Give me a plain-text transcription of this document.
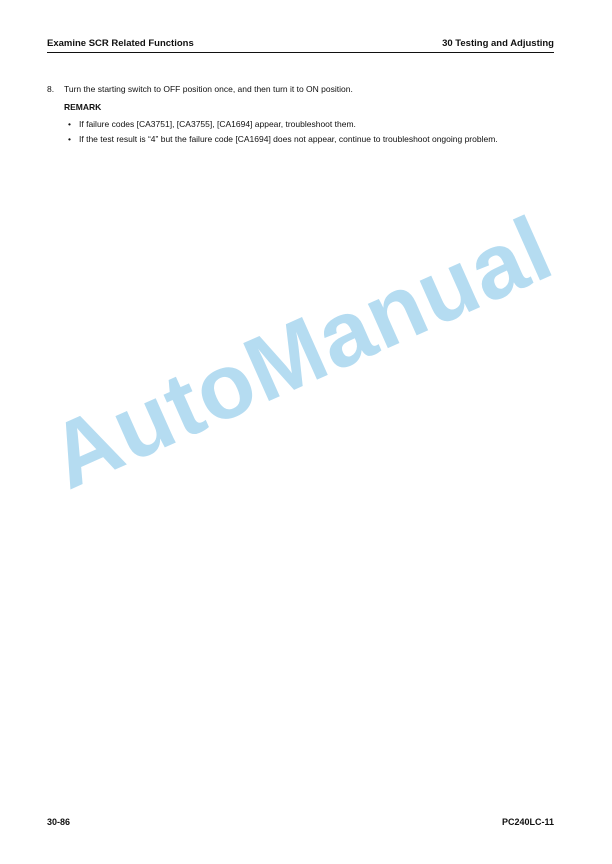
Examine SCR Related Functions	30 Testing and Adjusting
8. Turn the starting switch to OFF position once, and then turn it to ON position.
REMARK
• If failure codes [CA3751], [CA3755], [CA1694] appear, troubleshoot them.
• If the test result is “4” but the failure code [CA1694] does not appear, continue to troubleshoot ongoing problem.
AutoManual
30-86	PC240LC-11
